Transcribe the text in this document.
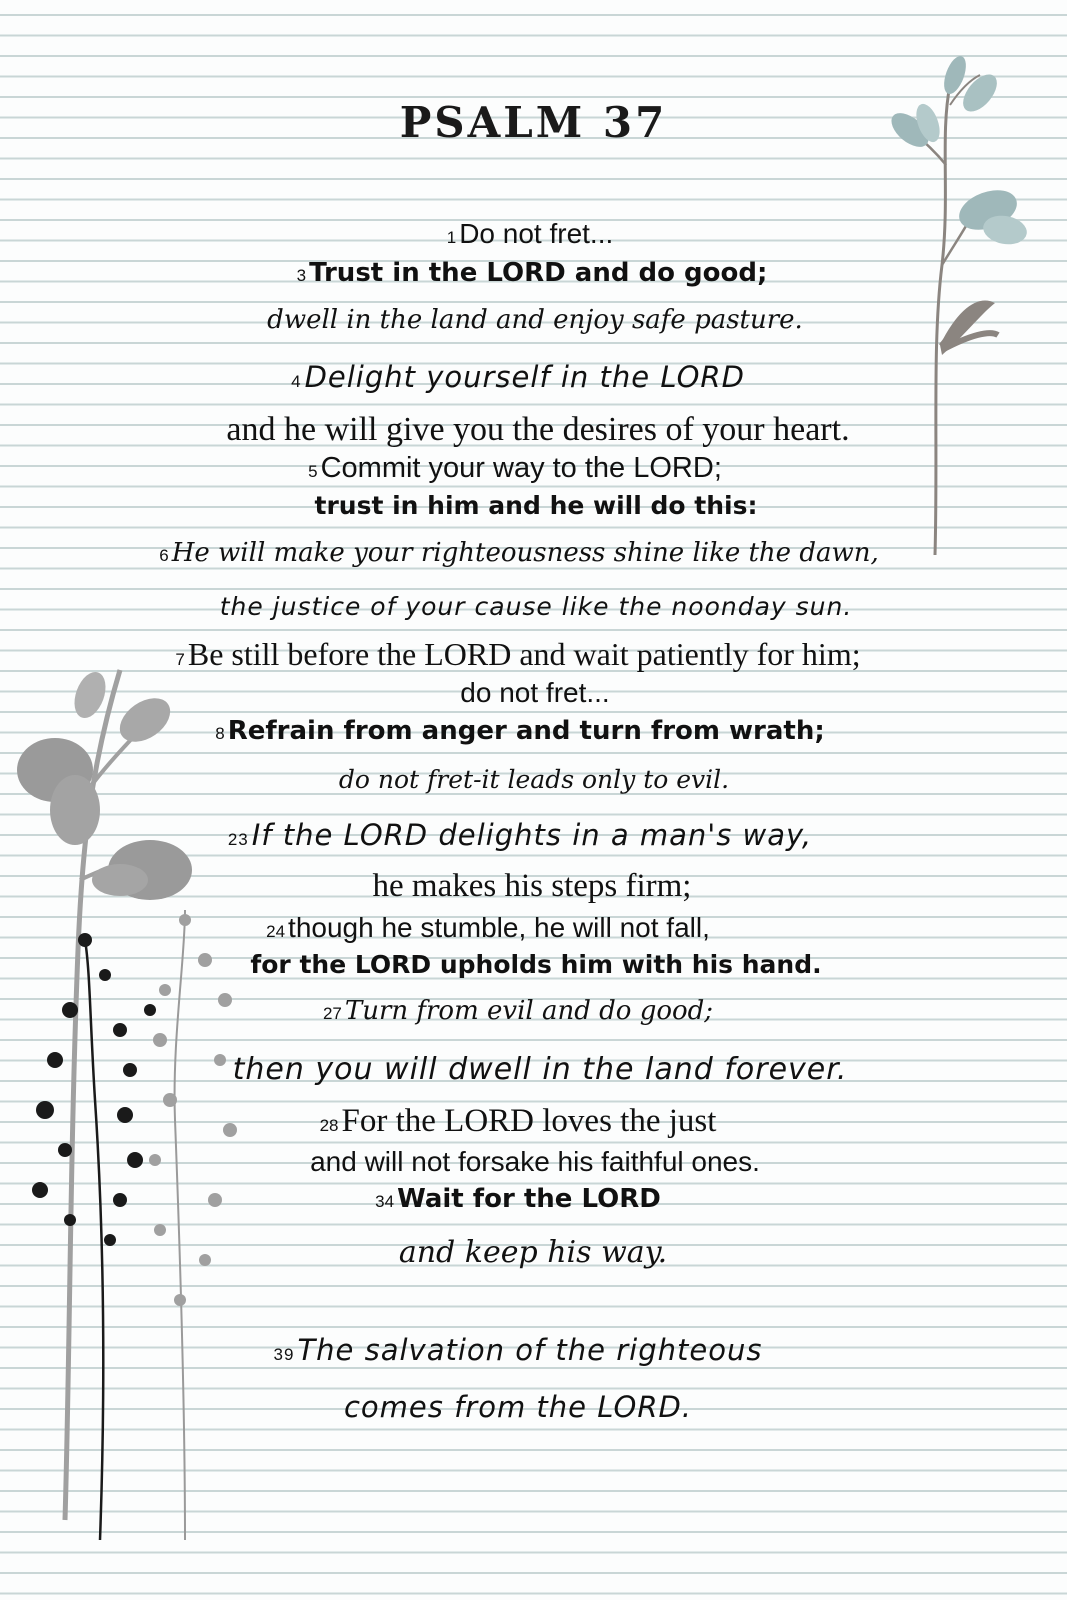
PSALM 37
1 Do not fret...
3 Trust in the LORD and do good;
dwell in the land and enjoy safe pasture.
4 Delight yourself in the LORD
and he will give you the desires of your heart.
5 Commit your way to the LORD;
trust in him and he will do this:
6 He will make your righteousness shine like the dawn,
the justice of your cause like the noonday sun.
7Be still before the LORD and wait patiently for him;
do not fret...
8 Refrain from anger and turn from wrath;
do not fret-it leads only to evil.
23 If the LORD delights in a man's way,
he makes his steps firm;
24 though he stumble, he will not fall,
for the LORD upholds him with his hand.
27 Turn from evil and do good;
then you will dwell in the land forever.
28For the LORD loves the just
and will not forsake his faithful ones.
34 Wait for the LORD
and keep his way.
39 The salvation of the righteous
comes from the LORD.
